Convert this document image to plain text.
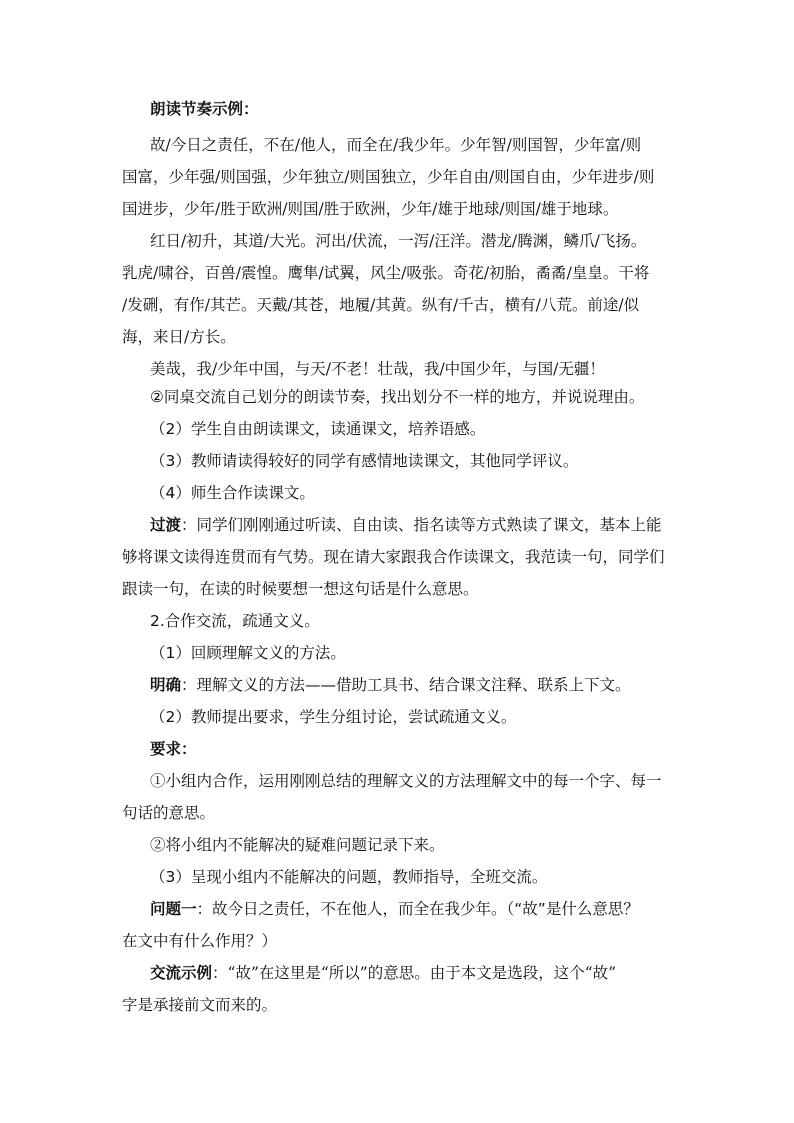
朗读节奏示例：
故/今日之责任，不在/他人，而全在/我少年。少年智/则国智，少年富/则
国富，少年强/则国强，少年独立/则国独立，少年自由/则国自由，少年进步/则
国进步，少年/胜于欧洲/则国/胜于欧洲，少年/雄于地球/则国/雄于地球。
红日/初升，其道/大光。河出/伏流，一泻/汪洋。潜龙/腾渊，鳞爪/飞扬。
乳虎/啸谷，百兽/震惶。鹰隼/试翼，风尘/吸张。奇花/初胎，矞矞/皇皇。干将
/发硎，有作/其芒。天戴/其苍，地履/其黄。纵有/千古，横有/八荒。前途/似
海，来日/方长。
美哉，我/少年中国，与天/不老！壮哉，我/中国少年，与国/无疆！
②同桌交流自己划分的朗读节奏，找出划分不一样的地方，并说说理由。
（2）学生自由朗读课文，读通课文，培养语感。
（3）教师请读得较好的同学有感情地读课文，其他同学评议。
（4）师生合作读课文。
过渡：同学们刚刚通过听读、自由读、指名读等方式熟读了课文，基本上能
够将课文读得连贯而有气势。现在请大家跟我合作读课文，我范读一句，同学们
跟读一句，在读的时候要想一想这句话是什么意思。
2.合作交流，疏通文义。
（1）回顾理解文义的方法。
明确：理解文义的方法——借助工具书、结合课文注释、联系上下文。
（2）教师提出要求，学生分组讨论，尝试疏通文义。
要求：
①小组内合作，运用刚刚总结的理解文义的方法理解文中的每一个字、每一
句话的意思。
②将小组内不能解决的疑难问题记录下来。
（3）呈现小组内不能解决的问题，教师指导，全班交流。
问题一：故今日之责任，不在他人，而全在我少年。（“故”是什么意思？
在文中有什么作用？）
交流示例：“故”在这里是“所以”的意思。由于本文是选段，这个“故”
字是承接前文而来的。
